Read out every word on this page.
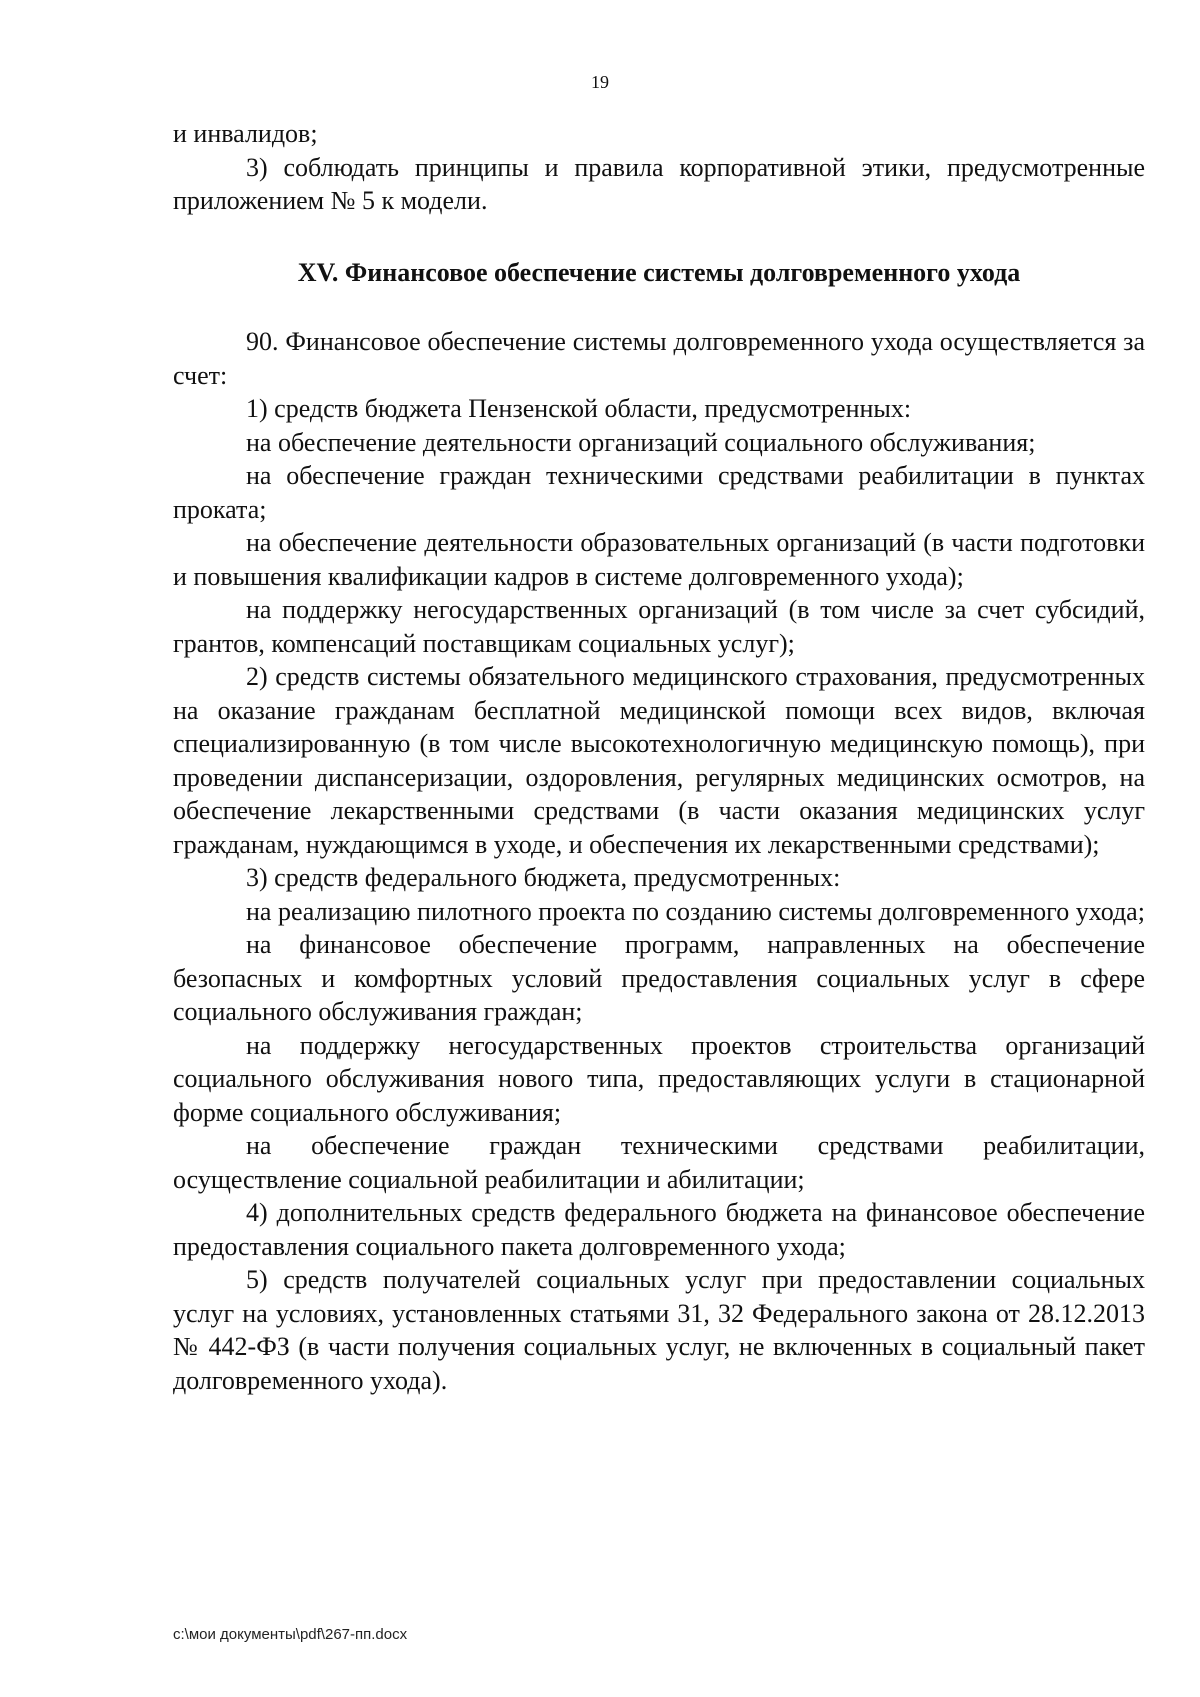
19

и инвалидов;

3) соблюдать принципы и правила корпоративной этики, предусмотренные приложением № 5 к модели.

XV. Финансовое обеспечение системы долговременного ухода

90. Финансовое обеспечение системы долговременного ухода осуществляется за счет:

1) средств бюджета Пензенской области, предусмотренных:

на обеспечение деятельности организаций социального обслуживания;

на обеспечение граждан техническими средствами реабилитации в пунктах проката;

на обеспечение деятельности образовательных организаций (в части подготовки и повышения квалификации кадров в системе долговременного ухода);

на поддержку негосударственных организаций (в том числе за счет субсидий, грантов, компенсаций поставщикам социальных услуг);

2) средств системы обязательного медицинского страхования, предусмотренных на оказание гражданам бесплатной медицинской помощи всех видов, включая специализированную (в том числе высокотехнологичную медицинскую помощь), при проведении диспансеризации, оздоровления, регулярных медицинских осмотров, на обеспечение лекарственными средствами (в части оказания медицинских услуг гражданам, нуждающимся в уходе, и обеспечения их лекарственными средствами);

3) средств федерального бюджета, предусмотренных:

на реализацию пилотного проекта по созданию системы долговременного ухода;

на финансовое обеспечение программ, направленных на обеспечение безопасных и комфортных условий предоставления социальных услуг в сфере социального обслуживания граждан;

на поддержку негосударственных проектов строительства организаций социального обслуживания нового типа, предоставляющих услуги в стационарной форме социального обслуживания;

на обеспечение граждан техническими средствами реабилитации, осуществление социальной реабилитации и абилитации;

4) дополнительных средств федерального бюджета на финансовое обеспечение предоставления социального пакета долговременного ухода;

5) средств получателей социальных услуг при предоставлении социальных услуг на условиях, установленных статьями 31, 32 Федерального закона от 28.12.2013 № 442-ФЗ (в части получения социальных услуг, не включенных в социальный пакет долговременного ухода).

c:\мои документы\pdf\267-пп.docx
